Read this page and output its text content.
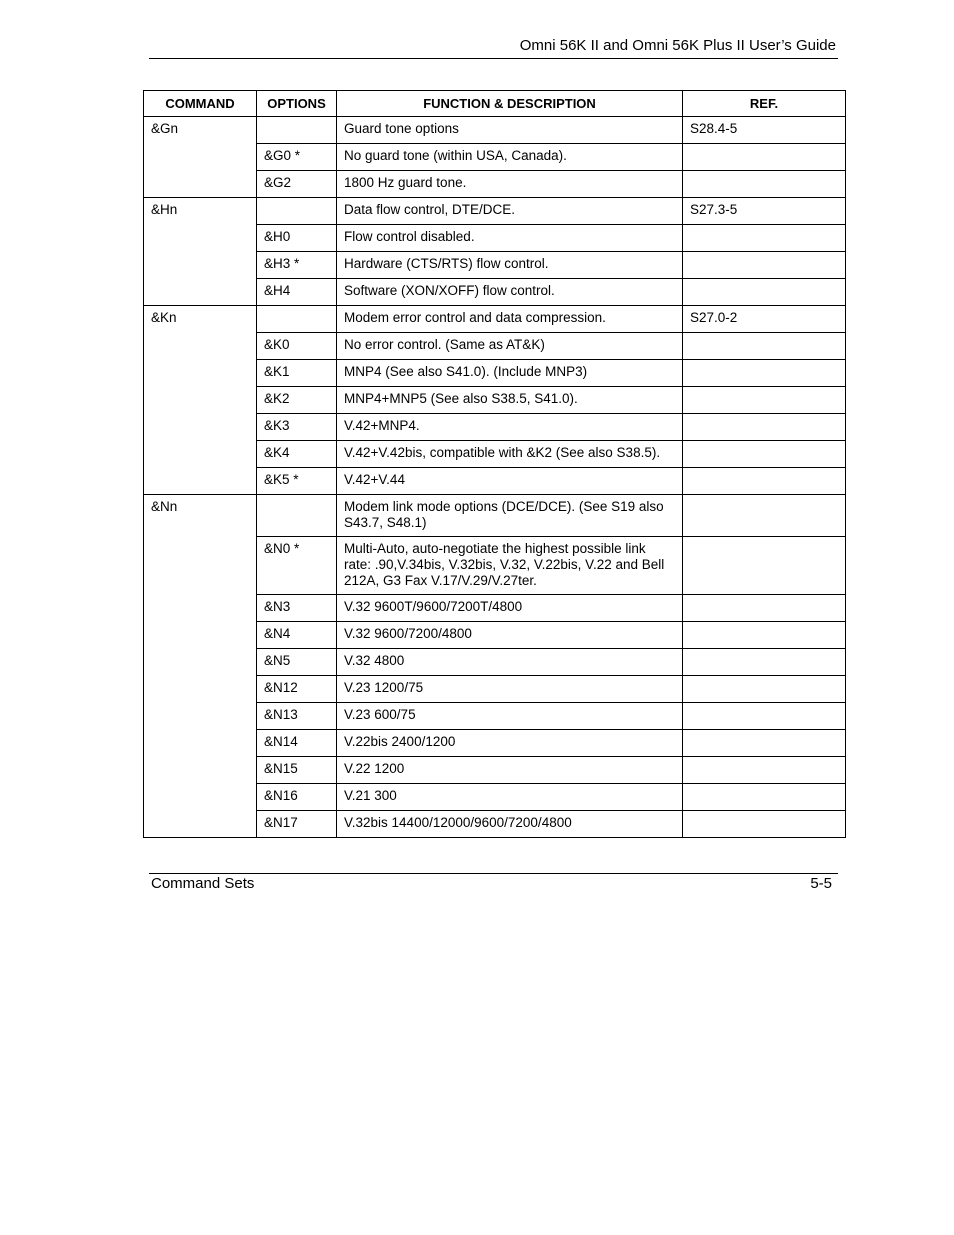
Omni 56K II and Omni 56K Plus II User’s Guide
COMMAND	OPTIONS	FUNCTION & DESCRIPTION	REF.
&Gn		Guard tone options	S28.4-5
	&G0 *	No guard tone (within USA, Canada).	
	&G2	1800 Hz guard tone.	
&Hn		Data flow control, DTE/DCE.	S27.3-5
	&H0	Flow control disabled.	
	&H3 *	Hardware (CTS/RTS) flow control.	
	&H4	Software (XON/XOFF) flow control.	
&Kn		Modem error control and data compression.	S27.0-2
	&K0	No error control. (Same as AT&K)	
	&K1	MNP4 (See also S41.0). (Include MNP3)	
	&K2	MNP4+MNP5 (See also S38.5, S41.0).	
	&K3	V.42+MNP4.	
	&K4	V.42+V.42bis, compatible with &K2 (See also S38.5).	
	&K5 *	V.42+V.44	
&Nn		Modem link mode options (DCE/DCE). (See S19 also S43.7, S48.1)	
	&N0 *	Multi-Auto, auto-negotiate the highest possible link rate: .90,V.34bis, V.32bis, V.32, V.22bis, V.22 and Bell 212A, G3 Fax V.17/V.29/V.27ter.	
	&N3	V.32 9600T/9600/7200T/4800	
	&N4	V.32 9600/7200/4800	
	&N5	V.32 4800	
	&N12	V.23 1200/75	
	&N13	V.23 600/75	
	&N14	V.22bis 2400/1200	
	&N15	V.22 1200	
	&N16	V.21 300	
	&N17	V.32bis 14400/12000/9600/7200/4800	
Command Sets	5-5
